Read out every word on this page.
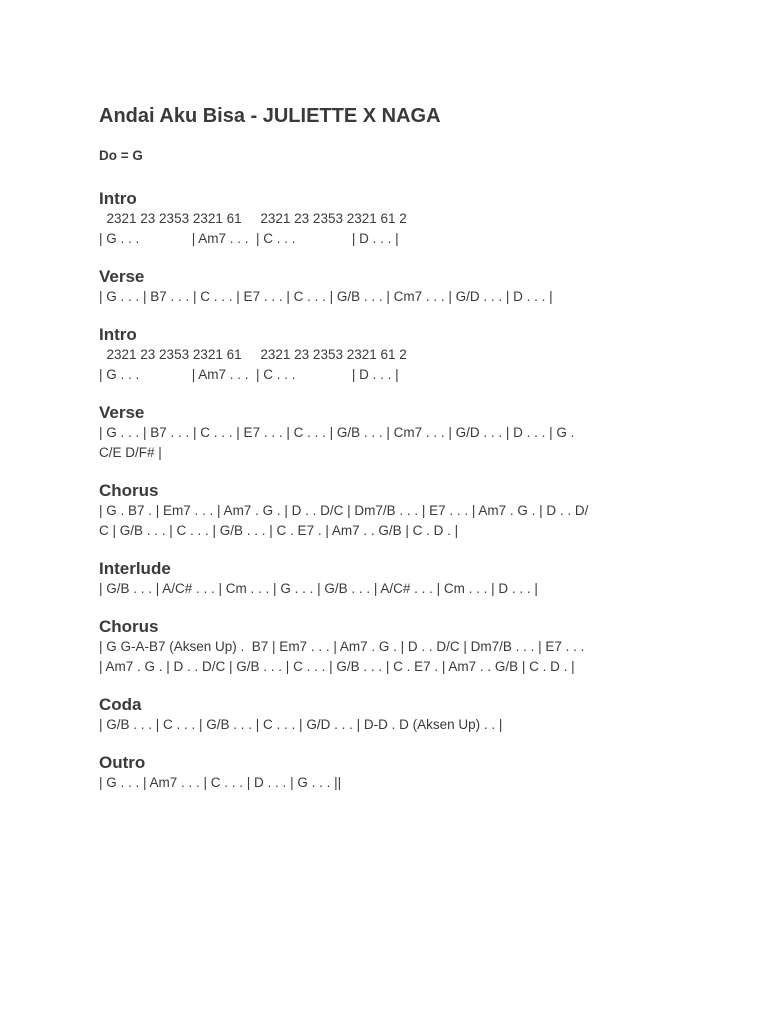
Andai Aku Bisa - JULIETTE X NAGA
Do = G
Intro
2321 23 2353 2321 61     2321 23 2353 2321 61 2
| G . . .              | Am7 . . .  | C . . .               | D . . . |
Verse
| G . . . | B7 . . . | C . . . | E7 . . . | C . . . | G/B . . . | Cm7 . . . | G/D . . . | D . . . |
Intro
2321 23 2353 2321 61     2321 23 2353 2321 61 2
| G . . .              | Am7 . . .  | C . . .               | D . . . |
Verse
| G . . . | B7 . . . | C . . . | E7 . . . | C . . . | G/B . . . | Cm7 . . . | G/D . . . | D . . . | G .
C/E D/F# |
Chorus
| G . B7 . | Em7 . . . | Am7 . G . | D . . D/C | Dm7/B . . . | E7 . . . | Am7 . G . | D . . D/
C | G/B . . . | C . . . | G/B . . . | C . E7 . | Am7 . . G/B | C . D . |
Interlude
| G/B . . . | A/C# . . . | Cm . . . | G . . . | G/B . . . | A/C# . . . | Cm . . . | D . . . |
Chorus
| G G-A-B7 (Aksen Up) .  B7 | Em7 . . . | Am7 . G . | D . . D/C | Dm7/B . . . | E7 . . .
| Am7 . G . | D . . D/C | G/B . . . | C . . . | G/B . . . | C . E7 . | Am7 . . G/B | C . D . |
Coda
| G/B . . . | C . . . | G/B . . . | C . . . | G/D . . . | D-D . D (Aksen Up) . . |
Outro
| G . . . | Am7 . . . | C . . . | D . . . | G . . . ||
